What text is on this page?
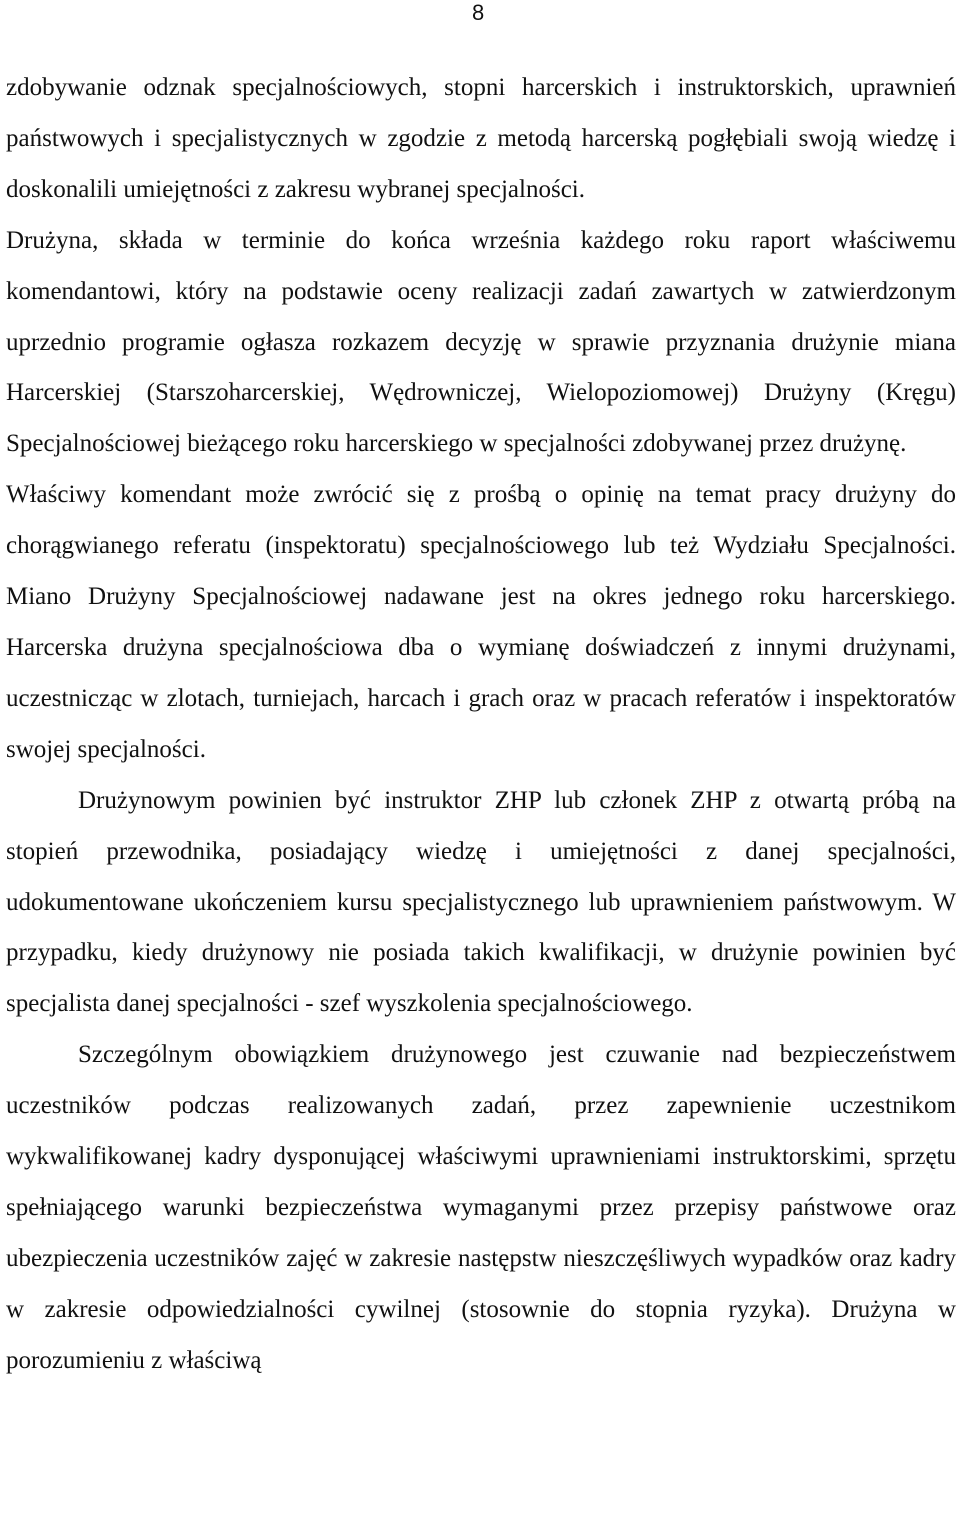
8

zdobywanie odznak specjalnościowych, stopni harcerskich i instruktorskich, uprawnień państwowych i specjalistycznych w zgodzie z metodą harcerską pogłębiali swoją wiedzę i doskonalili umiejętności z zakresu wybranej specjalności.

Drużyna, składa w terminie do końca września każdego roku raport właściwemu komendantowi, który na podstawie oceny realizacji zadań zawartych w zatwierdzonym uprzednio programie ogłasza rozkazem decyzję w sprawie przyznania drużynie miana Harcerskiej (Starszoharcerskiej, Wędrowniczej, Wielopoziomowej) Drużyny (Kręgu) Specjalnościowej bieżącego roku harcerskiego w specjalności zdobywanej przez drużynę.

Właściwy komendant może zwrócić się z prośbą o opinię na temat pracy drużyny do chorągwianego referatu (inspektoratu) specjalnościowego lub też Wydziału Specjalności. Miano Drużyny Specjalnościowej nadawane jest na okres jednego roku harcerskiego. Harcerska drużyna specjalnościowa dba o wymianę doświadczeń z innymi drużynami, uczestnicząc w zlotach, turniejach, harcach i grach oraz w pracach referatów i inspektoratów swojej specjalności.

Drużynowym powinien być instruktor ZHP lub członek ZHP z otwartą próbą na stopień przewodnika, posiadający wiedzę i umiejętności z danej specjalności, udokumentowane ukończeniem kursu specjalistycznego lub uprawnieniem państwowym. W przypadku, kiedy drużynowy nie posiada takich kwalifikacji, w drużynie powinien być specjalista danej specjalności - szef wyszkolenia specjalnościowego.

Szczególnym obowiązkiem drużynowego jest czuwanie nad bezpieczeństwem uczestników podczas realizowanych zadań, przez zapewnienie uczestnikom wykwalifikowanej kadry dysponującej właściwymi uprawnieniami instruktorskimi, sprzętu spełniającego warunki bezpieczeństwa wymaganymi przez przepisy państwowe oraz ubezpieczenia uczestników zajęć w zakresie następstw nieszczęśliwych wypadków oraz kadry w zakresie odpowiedzialności cywilnej (stosownie do stopnia ryzyka). Drużyna w porozumieniu z właściwą
